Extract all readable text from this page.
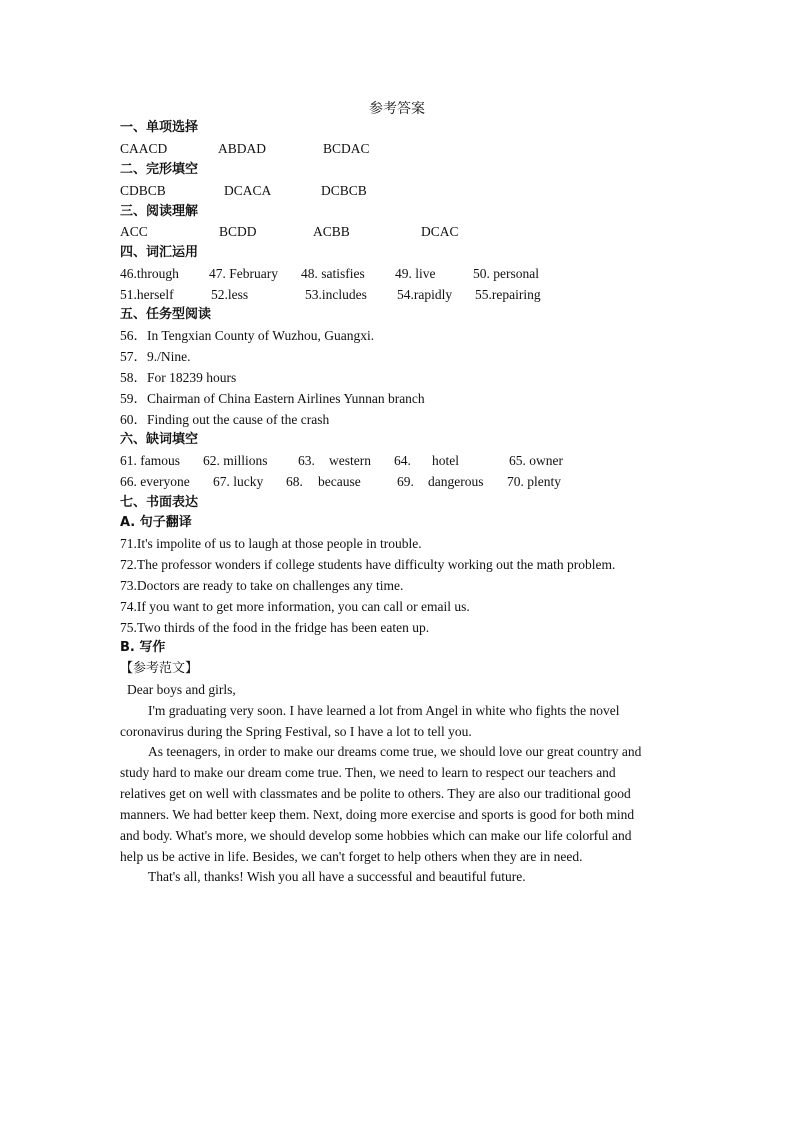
参考答案
一、单项选择
CAACD	ABDAD	BCDAC
二、完形填空
CDBCB	DCACA	DCBCB
三、阅读理解
ACC	BCDD	ACBB	DCAC
四、词汇运用
46.through 47. February 48. satisfies 49. live	50. personal
51.herself	52.less	53.includes 54.rapidly 55.repairing
五、任务型阅读
56．In Tengxian County of Wuzhou, Guangxi.
57．9./Nine.
58．For 18239 hours
59．Chairman of China Eastern Airlines Yunnan branch
60．Finding out the cause of the crash
六、缺词填空
61. famous 62. millions 63. western 64. hotel	65. owner
66. everyone 67. lucky 68. because	69. dangerous 70. plenty
七、书面表达
A. 句子翻译
71.It's impolite of us to laugh at those people in trouble.
72.The professor wonders if college students have difficulty working out the math problem.
73.Doctors are ready to take on challenges any time.
74.If you want to get more information, you can call or email us.
75.Two thirds of the food in the fridge has been eaten up.
B. 写作
【参考范文】
Dear boys and girls,
I'm graduating very soon. I have learned a lot from Angel in white who fights the novel
coronavirus during the Spring Festival, so I have a lot to tell you.
As teenagers, in order to make our dreams come true, we should love our great country and
study hard to make our dream come true. Then, we need to learn to respect our teachers and
relatives get on well with classmates and be polite to others. They are also our traditional good
manners. We had better keep them. Next, doing more exercise and sports is good for both mind
and body. What's more, we should develop some hobbies which can make our life colorful and
help us be active in life. Besides, we can't forget to help others when they are in need.
That's all, thanks! Wish you all have a successful and beautiful future.
